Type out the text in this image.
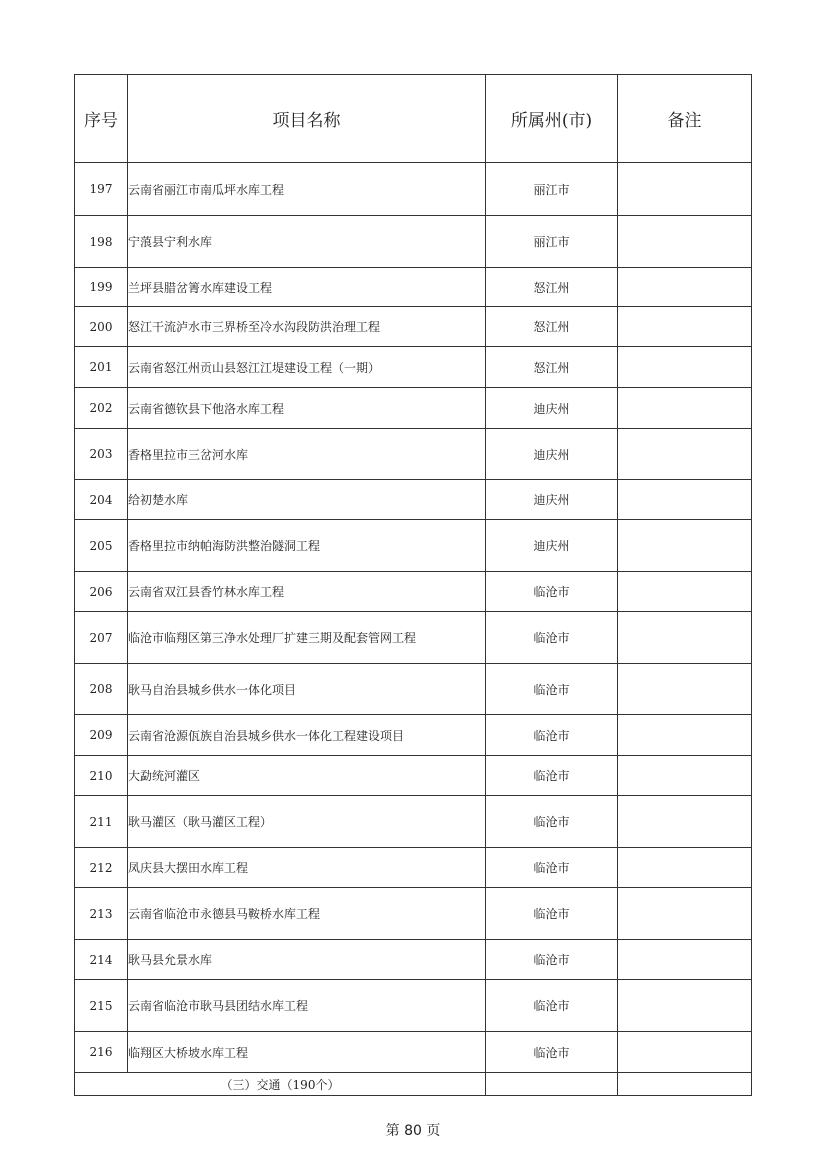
序号	项目名称	所属州(市)	备注
197	云南省丽江市南瓜坪水库工程	丽江市	
198	宁蒗县宁利水库	丽江市	
199	兰坪县腊岔箐水库建设工程	怒江州	
200	怒江干流泸水市三界桥至冷水沟段防洪治理工程	怒江州	
201	云南省怒江州贡山县怒江江堤建设工程（一期）	怒江州	
202	云南省德钦县下他洛水库工程	迪庆州	
203	香格里拉市三岔河水库	迪庆州	
204	给初楚水库	迪庆州	
205	香格里拉市纳帕海防洪整治隧洞工程	迪庆州	
206	云南省双江县香竹林水库工程	临沧市	
207	临沧市临翔区第三净水处理厂扩建三期及配套管网工程	临沧市	
208	耿马自治县城乡供水一体化项目	临沧市	
209	云南省沧源佤族自治县城乡供水一体化工程建设项目	临沧市	
210	大勐统河灌区	临沧市	
211	耿马灌区（耿马灌区工程）	临沧市	
212	凤庆县大摆田水库工程	临沧市	
213	云南省临沧市永德县马鞍桥水库工程	临沧市	
214	耿马县允景水库	临沧市	
215	云南省临沧市耿马县团结水库工程	临沧市	
216	临翔区大桥坡水库工程	临沧市	
（三）交通（190个）			
第 80 页
